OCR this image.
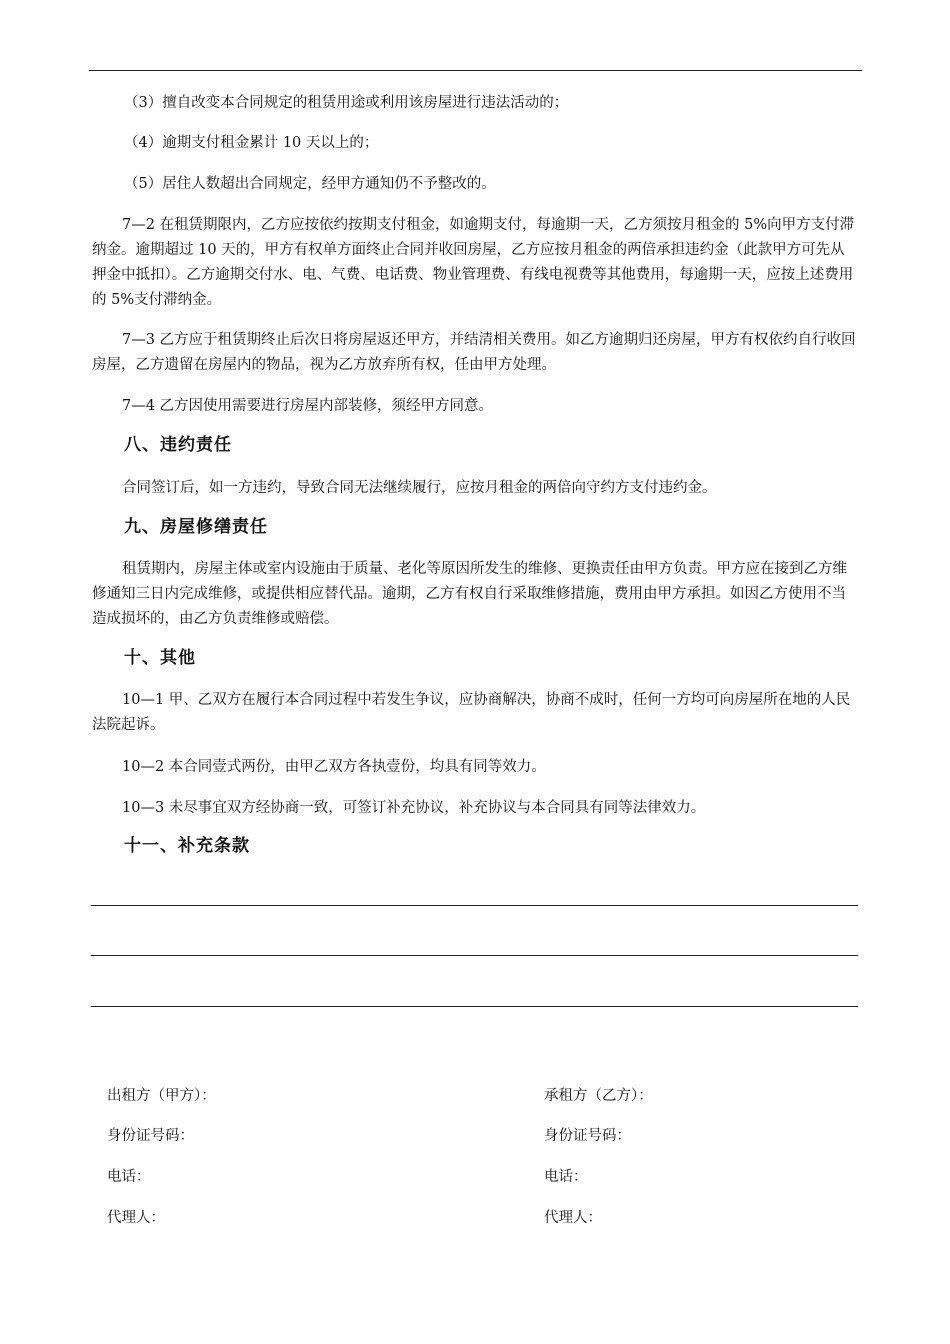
（3）擅自改变本合同规定的租赁用途或利用该房屋进行违法活动的；

（4）逾期支付租金累计 10 天以上的；

（5）居住人数超出合同规定，经甲方通知仍不予整改的。

7—2 在租赁期限内，乙方应按依约按期支付租金，如逾期支付，每逾期一天，乙方须按月租金的 5%向甲方支付滞纳金。逾期超过 10 天的，甲方有权单方面终止合同并收回房屋，乙方应按月租金的两倍承担违约金（此款甲方可先从押金中抵扣）。乙方逾期交付水、电、气费、电话费、物业管理费、有线电视费等其他费用，每逾期一天，应按上述费用的 5%支付滞纳金。

7—3 乙方应于租赁期终止后次日将房屋返还甲方，并结清相关费用。如乙方逾期归还房屋，甲方有权依约自行收回房屋，乙方遗留在房屋内的物品，视为乙方放弃所有权，任由甲方处理。

7—4 乙方因使用需要进行房屋内部装修，须经甲方同意。

八、违约责任

合同签订后，如一方违约，导致合同无法继续履行，应按月租金的两倍向守约方支付违约金。

九、房屋修缮责任

租赁期内，房屋主体或室内设施由于质量、老化等原因所发生的维修、更换责任由甲方负责。甲方应在接到乙方维修通知三日内完成维修，或提供相应替代品。逾期，乙方有权自行采取维修措施，费用由甲方承担。如因乙方使用不当造成损坏的，由乙方负责维修或赔偿。

十、其他

10—1 甲、乙双方在履行本合同过程中若发生争议，应协商解决，协商不成时，任何一方均可向房屋所在地的人民法院起诉。

10—2 本合同壹式两份，由甲乙双方各执壹份，均具有同等效力。

10—3 未尽事宜双方经协商一致，可签订补充协议，补充协议与本合同具有同等法律效力。

十一、补充条款

出租方（甲方）：

身份证号码：

电话：

代理人：

承租方（乙方）：

身份证号码：

电话：

代理人：
